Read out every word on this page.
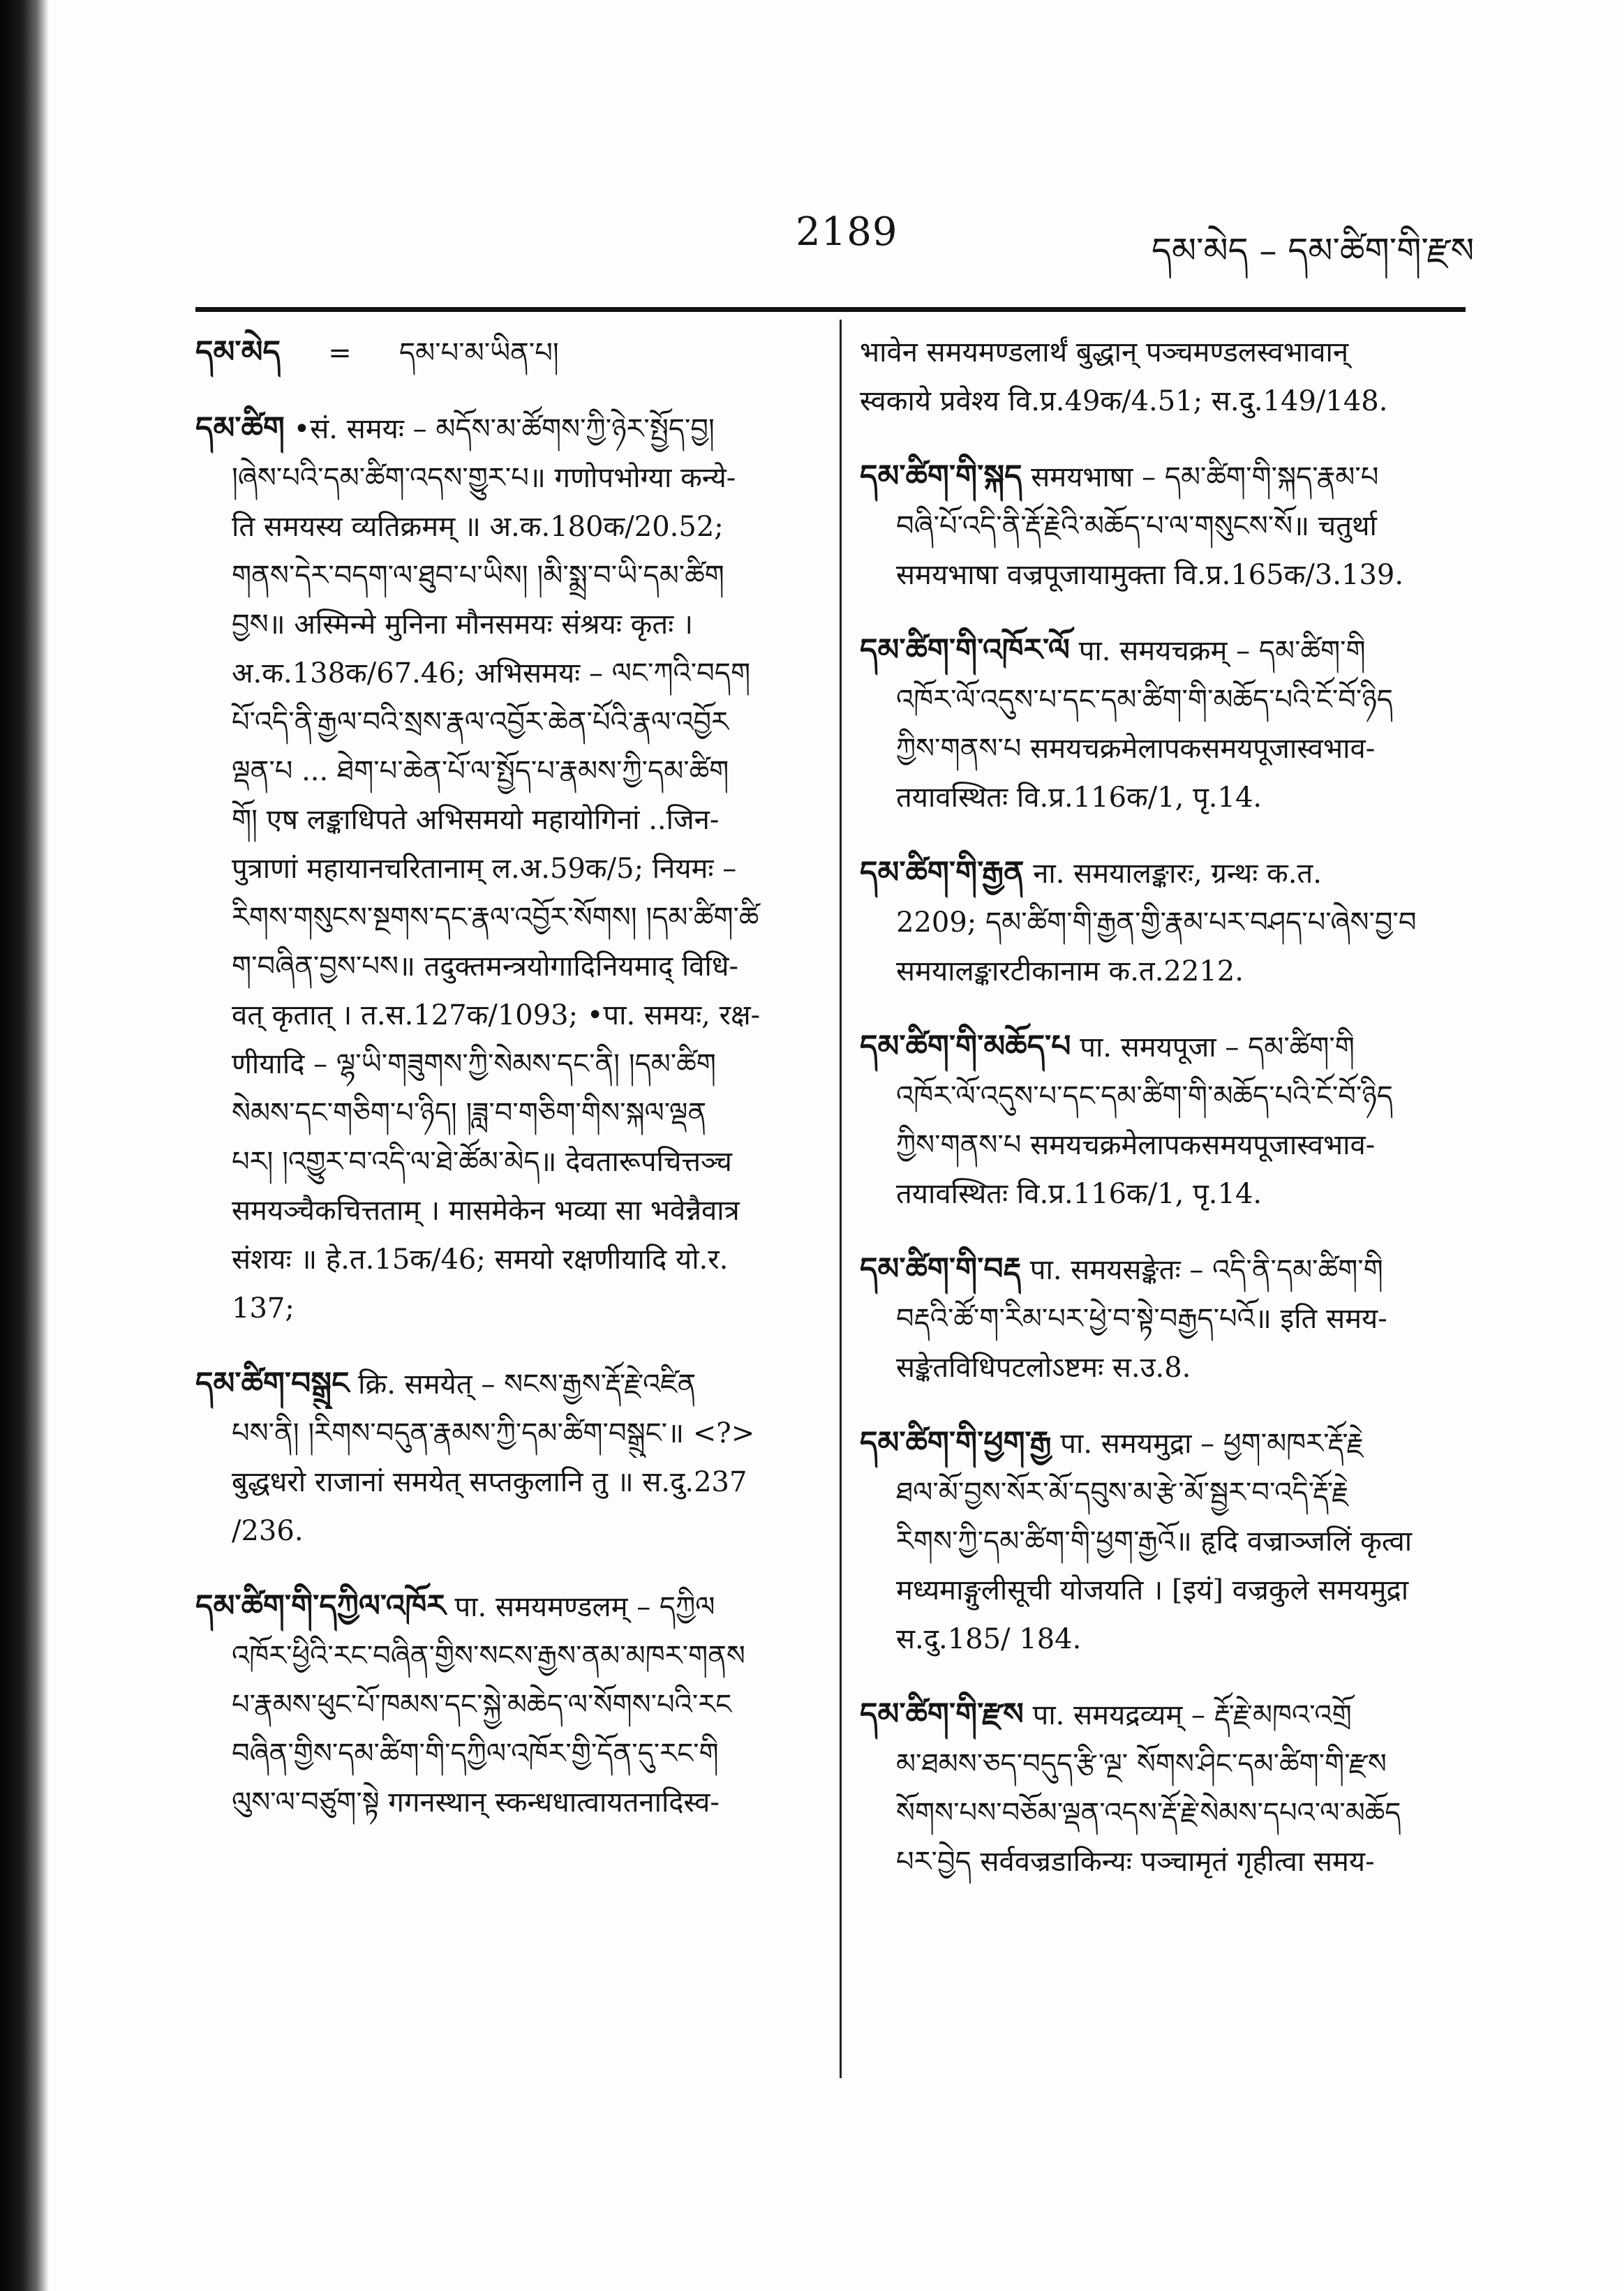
2189	དམ་མེད – དམ་ཚིག་གི་རྫས
དམ་མེད = དམ་པ་མ་ཡིན་པ།
དམ་ཚིག •सं. समयः – མདོས་མ་ཚོགས་ཀྱི་ཉེར་སྤྱོད་བྱ།
།ཞེས་པའི་དམ་ཚིག་འདས་གྱུར་པ॥ गणोपभोग्या कन्ये-
ति समयस्य व्यतिक्रमम् ॥ अ.क.180क/20.52;
གནས་དེར་བདག་ལ་ཐུབ་པ་ཡིས། །མི་སྨྲ་བ་ཡི་དམ་ཚིག
བྱས॥ अस्मिन्मे मुनिना मौनसमयः संश्रयः कृतः ।
अ.क.138क/67.46; अभिसमयः – ལང་ཀའི་བདག
པོ་འདི་ནི་རྒྱལ་བའི་སྲས་རྣལ་འབྱོར་ཆེན་པོའི་རྣལ་འབྱོར
ལྡན་པ ... ཐེག་པ་ཆེན་པོ་ལ་སྤྱོད་པ་རྣམས་ཀྱི་དམ་ཚིག
གོ། एष लङ्काधिपते अभिसमयो महायोगिनां ..जिन-
पुत्राणां महायानचरितानाम् ल.अ.59क/5; नियमः –
རིགས་གསུངས་སྔགས་དང་རྣལ་འབྱོར་སོགས། །དམ་ཚིག་ཚི
ག་བཞིན་བྱས་པས॥ तदुक्तमन्त्रयोगादिनियमाद् विधि-
वत् कृतात् । त.स.127क/1093; •पा. समयः, रक्ष-
णीयादि – ལྷ་ཡི་གཟུགས་ཀྱི་སེམས་དང་ནི། །དམ་ཚིག
སེམས་དང་གཅིག་པ་ཉིད། །ཟླ་བ་གཅིག་གིས་སྐལ་ལྡན
པར། །འགྱུར་བ་འདི་ལ་ཐེ་ཚོམ་མེད॥ देवतारूपचित्तञ्च
समयञ्चैकचित्तताम् । मासमेकेन भव्या सा भवेन्नैवात्र
संशयः ॥ हे.त.15क/46; समयो रक्षणीयादि यो.र.
137;
དམ་ཚིག་བསྒྲུང क्रि. समयेत् – སངས་རྒྱས་རྡོ་རྗེ་འཛིན
པས་ནི། །རིགས་བདུན་རྣམས་ཀྱི་དམ་ཚིག་བསྒྲུང་॥ <?>
बुद्धधरो राजानां समयेत् सप्तकुलानि तु ॥ स.दु.237
/236.
དམ་ཚིག་གི་དཀྱིལ་འཁོར पा. समयमण्डलम् – དཀྱིལ
འཁོར་ཕྱིའི་རང་བཞིན་གྱིས་སངས་རྒྱས་ནམ་མཁར་གནས
པ་རྣམས་ཕུང་པོ་ཁམས་དང་སྐྱེ་མཆེད་ལ་སོགས་པའི་རང
བཞིན་གྱིས་དམ་ཚིག་གི་དཀྱིལ་འཁོར་གྱི་དོན་དུ་རང་གི
ལུས་ལ་བཙུག་སྟེ गगनस्थान् स्कन्धधात्वायतनादिस्व-
भावेन समयमण्डलार्थं बुद्धान् पञ्चमण्डलस्वभावान्
स्वकाये प्रवेश्य वि.प्र.49क/4.51; स.दु.149/148.
དམ་ཚིག་གི་སྐད समयभाषा – དམ་ཚིག་གི་སྐད་རྣམ་པ
བཞི་པོ་འདི་ནི་རྡོ་རྗེའི་མཆོད་པ་ལ་གསུངས་སོ॥ चतुर्था
समयभाषा वज्रपूजायामुक्ता वि.प्र.165क/3.139.
དམ་ཚིག་གི་འཁོར་ལོ पा. समयचक्रम् – དམ་ཚིག་གི
འཁོར་ལོ་འདུས་པ་དང་དམ་ཚིག་གི་མཆོད་པའི་ངོ་བོ་ཉིད
ཀྱིས་གནས་པ समयचक्रमेलापकसमयपूजास्वभाव-
तयावस्थितः वि.प्र.116क/1, पृ.14.
དམ་ཚིག་གི་རྒྱན ना. समयालङ्कारः, ग्रन्थः क.त.
2209; དམ་ཚིག་གི་རྒྱན་གྱི་རྣམ་པར་བཤད་པ་ཞེས་བྱ་བ
समयालङ्कारटीकानाम क.त.2212.
དམ་ཚིག་གི་མཆོད་པ पा. समयपूजा – དམ་ཚིག་གི
འཁོར་ལོ་འདུས་པ་དང་དམ་ཚིག་གི་མཆོད་པའི་ངོ་བོ་ཉིད
ཀྱིས་གནས་པ समयचक्रमेलापकसमयपूजास्वभाव-
तयावस्थितः वि.प्र.116क/1, पृ.14.
དམ་ཚིག་གི་བརྡ पा. समयसङ्केतः – འདི་ནི་དམ་ཚིག་གི
བརྡའི་ཚོ་ག་རིམ་པར་ཕྱེ་བ་སྟེ་བརྒྱད་པའོ॥ इति समय-
सङ्केतविधिपटलोऽष्टमः स.उ.8.
དམ་ཚིག་གི་ཕྱག་རྒྱ पा. समयमुद्रा – ཕྱག་མཁར་རྡོ་རྗེ
ཐལ་མོ་བྱས་སོར་མོ་དབུས་མ་རྩེ་མོ་སྦྱར་བ་འདི་རྡོ་རྗེ
རིགས་ཀྱི་དམ་ཚིག་གི་ཕྱག་རྒྱའོ॥ हृदि वज्राञ्जलिं कृत्वा
मध्यमाङ्गुलीसूची योजयति । [इयं] वज्रकुले समयमुद्रा
स.दु.185/ 184.
དམ་ཚིག་གི་རྫས पा. समयद्रव्यम् – རྡོ་རྗེ་མཁའ་འགྲོ
མ་ཐམས་ཅད་བདུད་རྩི་ལྔ་ སོགས་ཤིང་དམ་ཚིག་གི་རྫས
སོགས་པས་བཅོམ་ལྡན་འདས་རྡོ་རྗེ་སེམས་དཔའ་ལ་མཆོད
པར་བྱེད सर्ववज्रडाकिन्यः पञ्चामृतं गृहीत्वा समय-
